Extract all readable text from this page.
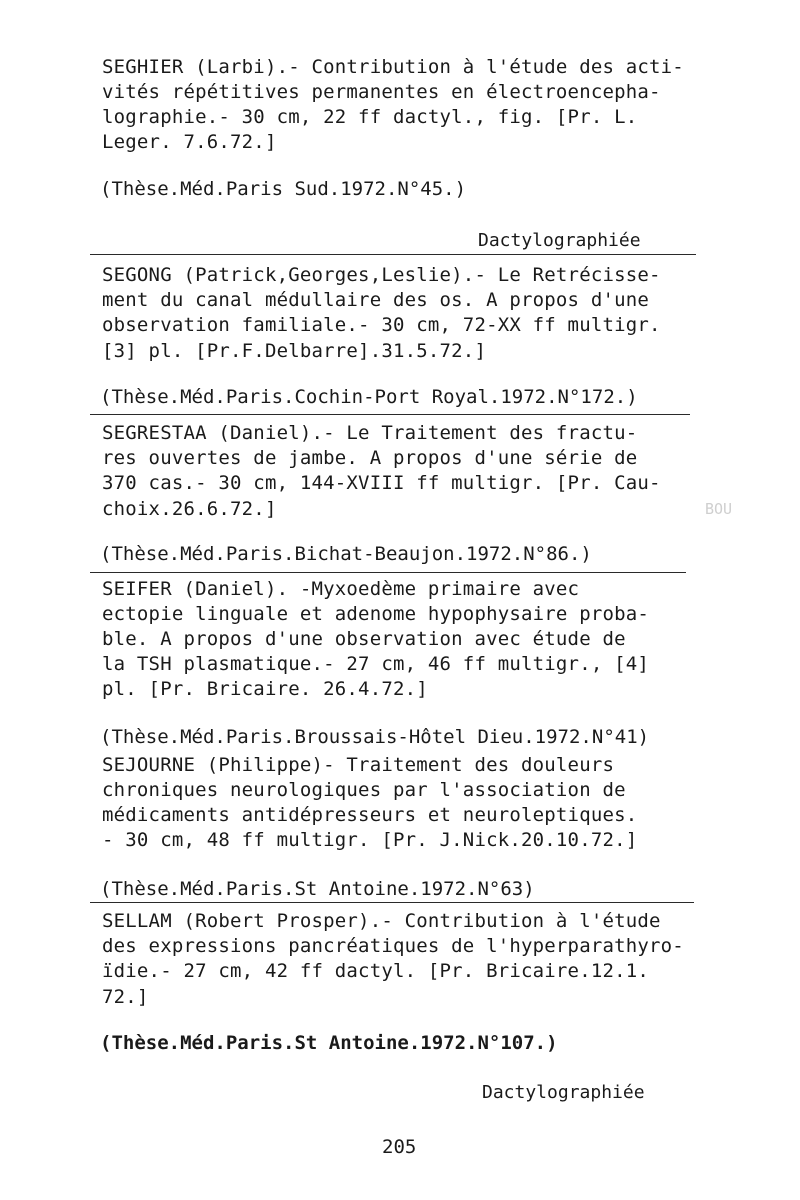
BOU
SEGHIER (Larbi).- Contribution à l'étude des acti-
vités répétitives permanentes en électroencepha-
lographie.- 30 cm, 22 ff dactyl., fig. [Pr. L.
Leger. 7.6.72.]
(Thèse.Méd.Paris Sud.1972.N°45.)
Dactylographiée
SEGONG (Patrick,Georges,Leslie).- Le Retrécisse-
ment du canal médullaire des os. A propos d'une
observation familiale.- 30 cm, 72-XX ff multigr.
[3] pl. [Pr.F.Delbarre].31.5.72.]
(Thèse.Méd.Paris.Cochin-Port Royal.1972.N°172.)
SEGRESTAA (Daniel).- Le Traitement des fractu-
res ouvertes de jambe. A propos d'une série de
370 cas.- 30 cm, 144-XVIII ff multigr. [Pr. Cau-
choix.26.6.72.]
(Thèse.Méd.Paris.Bichat-Beaujon.1972.N°86.)
SEIFER (Daniel). -Myxoedème primaire avec
ectopie linguale et adenome hypophysaire proba-
ble. A propos d'une observation avec étude de
la TSH plasmatique.- 27 cm, 46 ff multigr., [4]
pl. [Pr. Bricaire. 26.4.72.]
(Thèse.Méd.Paris.Broussais-Hôtel Dieu.1972.N°41)
SEJOURNE (Philippe)- Traitement des douleurs
chroniques neurologiques par l'association de
médicaments antidépresseurs et neuroleptiques.
- 30 cm, 48 ff multigr. [Pr. J.Nick.20.10.72.]
(Thèse.Méd.Paris.St Antoine.1972.N°63)
SELLAM (Robert Prosper).- Contribution à l'étude
des expressions pancréatiques de l'hyperparathyro-
ïdie.- 27 cm, 42 ff dactyl. [Pr. Bricaire.12.1.
72.]
(Thèse.Méd.Paris.St Antoine.1972.N°107.)
Dactylographiée
205
